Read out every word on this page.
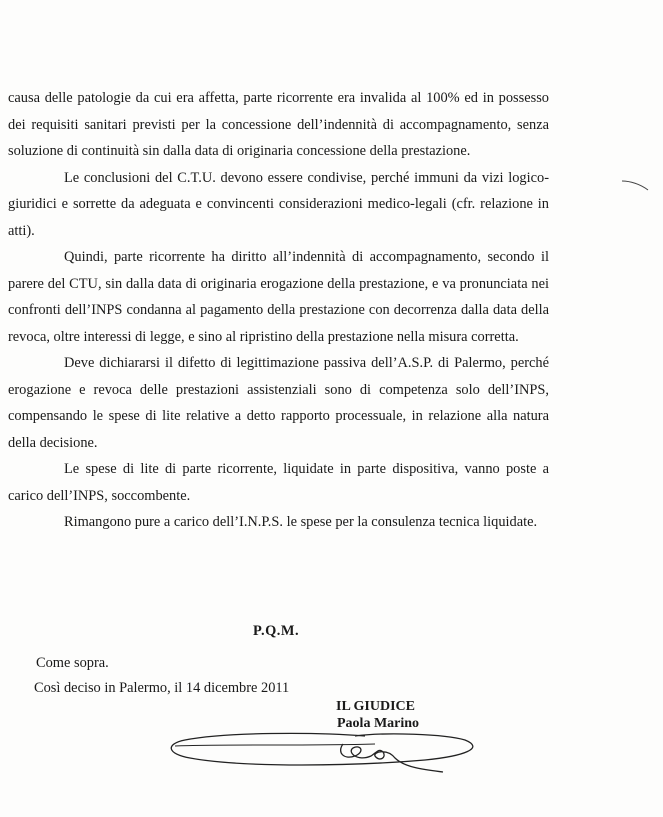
causa delle patologie da cui era affetta, parte ricorrente era invalida al 100% ed in possesso dei requisiti sanitari previsti per la concessione dell’indennità di accompagnamento, senza soluzione di continuità sin dalla data di originaria concessione della prestazione.

Le conclusioni del C.T.U. devono essere condivise, perché immuni da vizi logico-giuridici e sorrette da adeguata e convincenti considerazioni medico-legali (cfr. relazione in atti).

Quindi, parte ricorrente ha diritto all’indennità di accompagnamento, secondo il parere del CTU, sin dalla data di originaria erogazione della prestazione, e va pronunciata nei confronti dell’INPS condanna al pagamento della prestazione con decorrenza dalla data della revoca, oltre interessi di legge, e sino al ripristino della prestazione nella misura corretta.

Deve dichiararsi il difetto di legittimazione passiva dell’A.S.P. di Palermo, perché erogazione e revoca delle prestazioni assistenziali sono di competenza solo dell’INPS, compensando le spese di lite relative a detto rapporto processuale, in relazione alla natura della decisione.

Le spese di lite di parte ricorrente, liquidate in parte dispositiva, vanno poste a carico dell’INPS, soccombente.

Rimangono pure a carico dell’I.N.P.S. le spese per la consulenza tecnica liquidate.

P.Q.M.
Come sopra.
Così deciso in Palermo, il 14 dicembre 2011
IL GIUDICE
Paola Marino
